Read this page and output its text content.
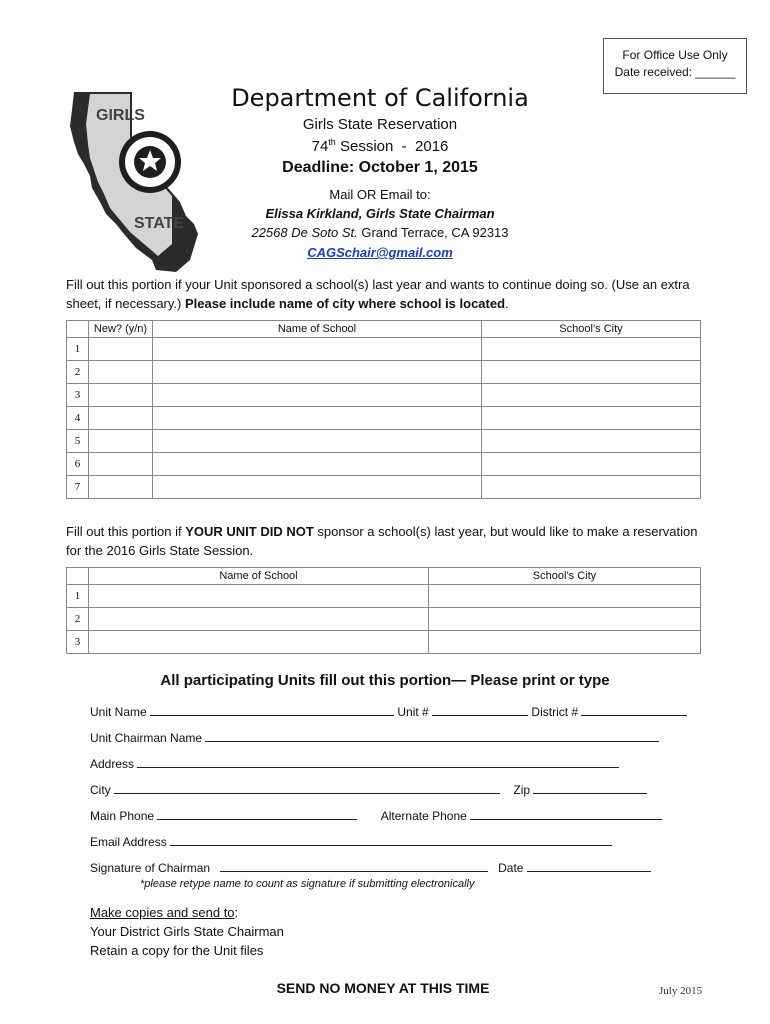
For Office Use Only
Date received: ______
GIRLS
STATE
Department of California
Girls State Reservation
74th Session  -  2016
Deadline: October 1, 2015
Mail OR Email to:
Elissa Kirkland, Girls State Chairman
22568 De Soto St. Grand Terrace, CA 92313
CAGSchair@gmail.com
Fill out this portion if your Unit sponsored a school(s) last year and wants to continue doing so. (Use an extra sheet, if necessary.) Please include name of city where school is located.
	New? (y/n)	Name of School	School’s City
1			
2			
3			
4			
5			
6			
7			
Fill out this portion if YOUR UNIT DID NOT sponsor a school(s) last year, but would like to make a reservation for the 2016 Girls State Session.
	Name of School	School’s City
1		
2		
3		
All participating Units fill out this portion— Please print or type
Unit Name	Unit #	District #
Unit Chairman Name
Address
City	Zip
Main Phone	Alternate Phone
Email Address
Signature of Chairman	Date
*please retype name to count as signature if submitting electronically
Make copies and send to:
Your District Girls State Chairman
Retain a copy for the Unit files
SEND NO MONEY AT THIS TIME	July 2015
